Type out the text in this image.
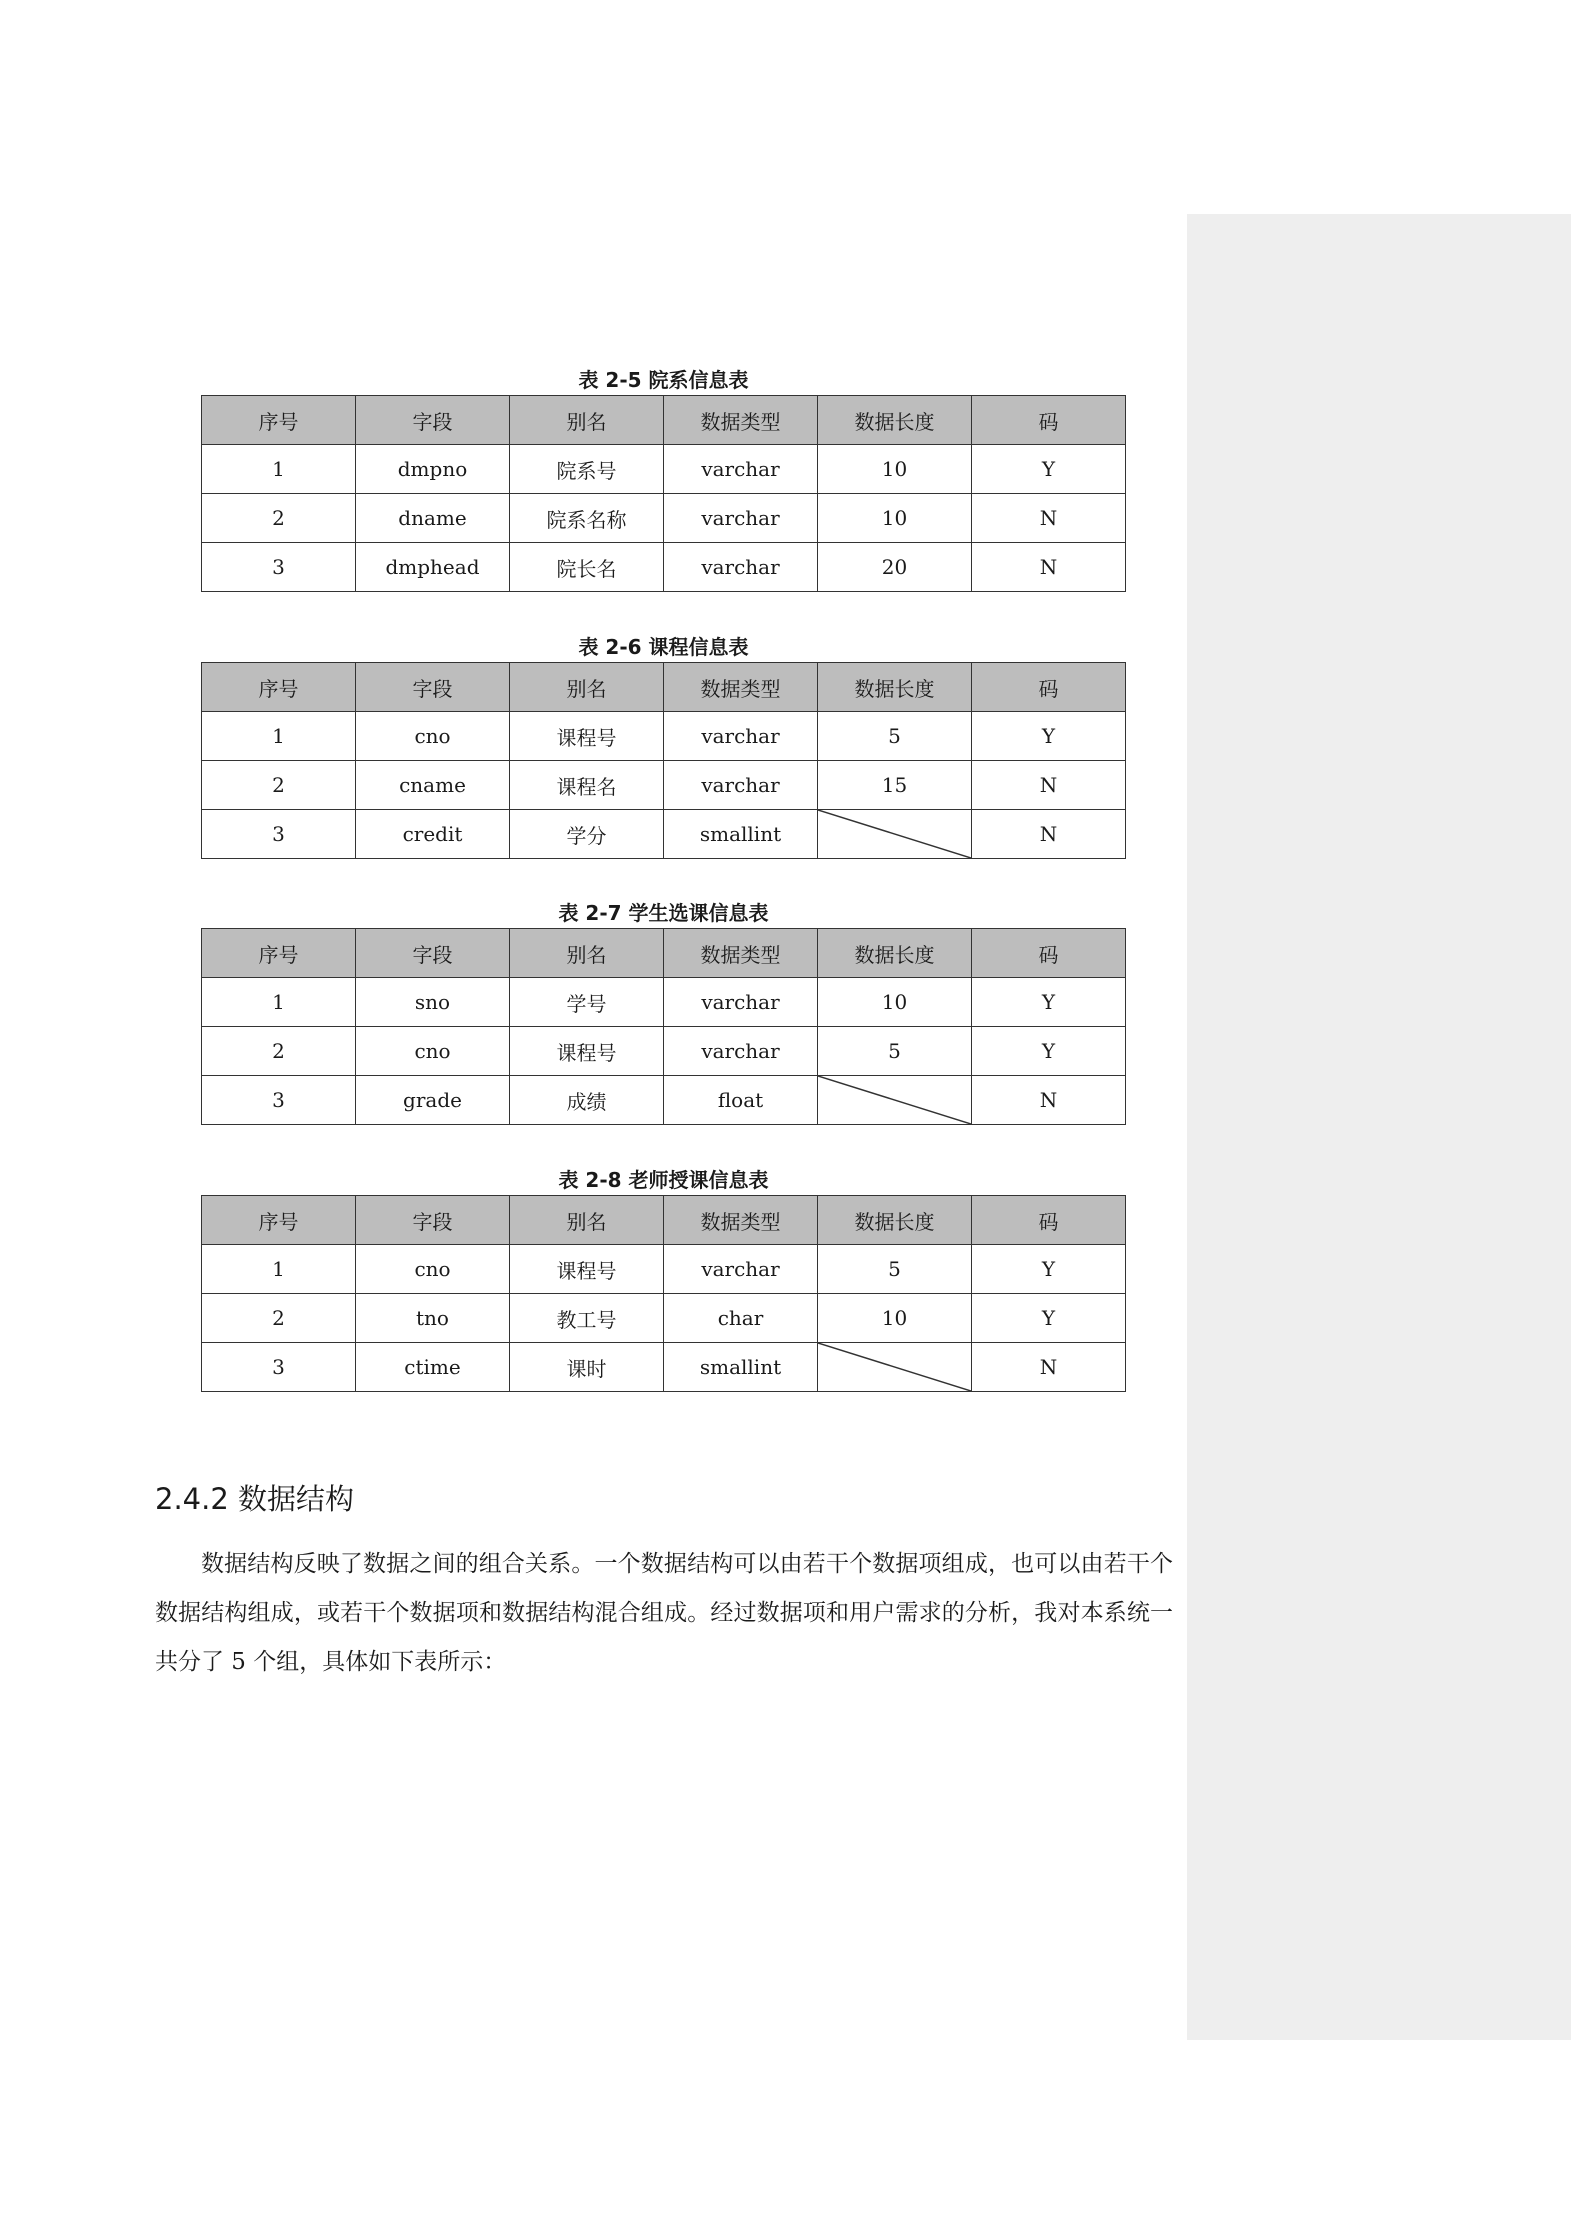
表 2-5 院系信息表
序号	字段	别名	数据类型	数据长度	码
1	dmpno	院系号	varchar	10	Y
2	dname	院系名称	varchar	10	N
3	dmphead	院长名	varchar	20	N
表 2-6 课程信息表
序号	字段	别名	数据类型	数据长度	码
1	cno	课程号	varchar	5	Y
2	cname	课程名	varchar	15	N
3	credit	学分	smallint		N
表 2-7 学生选课信息表
序号	字段	别名	数据类型	数据长度	码
1	sno	学号	varchar	10	Y
2	cno	课程号	varchar	5	Y
3	grade	成绩	float		N
表 2-8 老师授课信息表
序号	字段	别名	数据类型	数据长度	码
1	cno	课程号	varchar	5	Y
2	tno	教工号	char	10	Y
3	ctime	课时	smallint		N
2.4.2 数据结构

数据结构反映了数据之间的组合关系。一个数据结构可以由若干个数据项组成，也可以由若干个数据结构组成，或若干个数据项和数据结构混合组成。经过数据项和用户需求的分析，我对本系统一共分了 5 个组，具体如下表所示：
